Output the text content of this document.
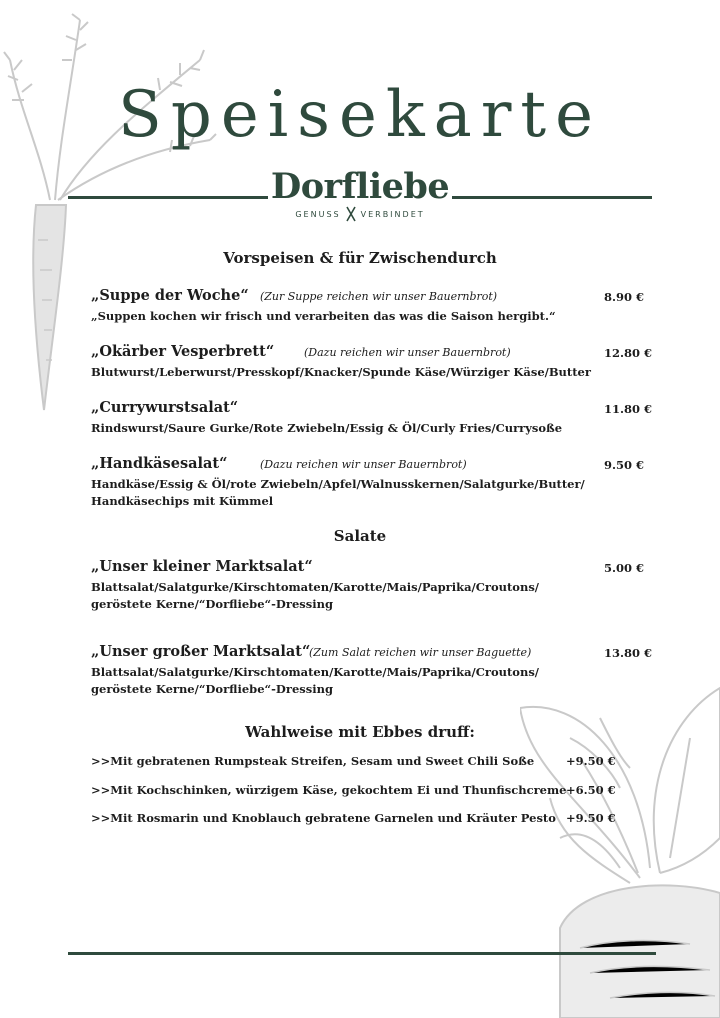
Speisekarte
Dorfliebe
GENUSS	VERBINDET
Vorspeisen & für Zwischendurch
„Suppe der Woche“ (Zur Suppe reichen wir unser Bauernbrot)	8.90 €
„Suppen kochen wir frisch und verarbeiten das was die Saison hergibt.“
„Okärber Vesperbrett“	(Dazu reichen wir unser Bauernbrot)	12.80 €
Blutwurst/Leberwurst/Presskopf/Knacker/Spunde Käse/Würziger Käse/Butter
„Currywurstsalat“	11.80 €
Rindswurst/Saure Gurke/Rote Zwiebeln/Essig & Öl/Curly Fries/Currysoße
„Handkäsesalat“	(Dazu reichen wir unser Bauernbrot)	9.50 €
Handkäse/Essig & Öl/rote Zwiebeln/Apfel/Walnusskernen/Salatgurke/Butter/
Handkäsechips mit Kümmel
Salate
„Unser kleiner Marktsalat“	5.00 €
Blattsalat/Salatgurke/Kirschtomaten/Karotte/Mais/Paprika/Croutons/
geröstete Kerne/“Dorfliebe“-Dressing
„Unser großer Marktsalat“
(Zum Salat reichen wir unser Baguette)	13.80 €
Blattsalat/Salatgurke/Kirschtomaten/Karotte/Mais/Paprika/Croutons/
geröstete Kerne/“Dorfliebe“-Dressing
Wahlweise mit Ebbes druff:
>>Mit gebratenen Rumpsteak Streifen, Sesam und Sweet Chili Soße	+9.50 €
>>Mit Kochschinken, würzigem Käse, gekochtem Ei und Thunfischcreme +6.50 €
>>Mit Rosmarin und Knoblauch gebratene Garnelen und Kräuter Pesto +9.50 €
